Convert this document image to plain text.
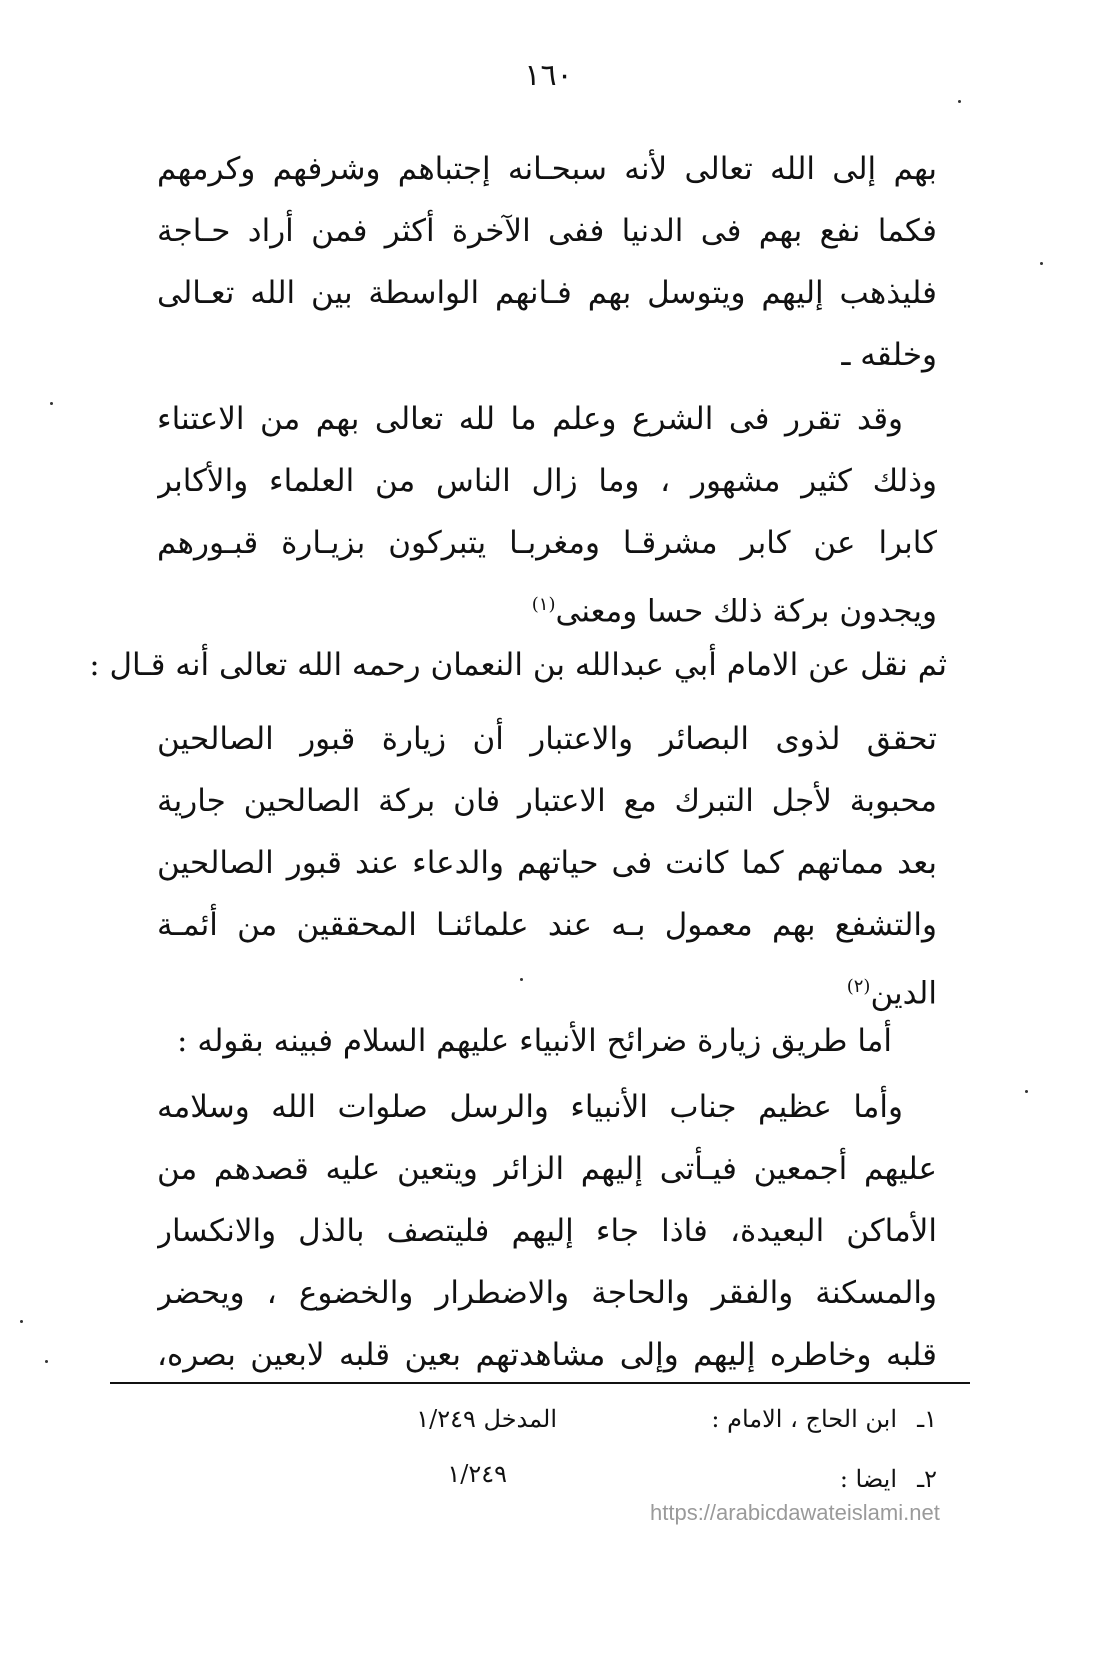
١٦٠
بهم إلى الله تعالى لأنه سبحـانه إجتباهم وشرفهم وكرمهم
فكما نفع بهم فى الدنيا ففى الآخرة أكثر فمن أراد حـاجة
فليذهب إليهم ويتوسل بهم فـانهم الواسطة بين الله تعـالى
وخلقه ـ
وقد تقرر فى الشرع وعلم ما لله تعالى بهم من الاعتناء
وذلك كثير مشهور ، وما زال الناس من العلماء والأكابر
كابرا عن كابر مشرقـا ومغربـا يتبركون بزيـارة قبـورهم
ويجدون بركة ذلك حسا ومعنى$^{(١)}$
ثم نقل عن الامام أبي عبدالله بن النعمان رحمه الله تعالى أنه قـال :
تحقق لذوى البصائر والاعتبار أن زيارة قبور الصالحين
محبوبة لأجل التبرك مع الاعتبار فان بركة الصالحين جارية
بعد مماتهم كما كانت فى حياتهم والدعاء عند قبور الصالحين
والتشفع بهم معمول بـه عند علمائنـا المحققين من أئمـة
الدين$^{(٢)}$
أما طريق زيارة ضرائح الأنبياء عليهم السلام فبينه بقوله :
وأما عظيم جناب الأنبياء والرسل صلوات الله وسلامه
عليهم أجمعين فيـأتى إليهم الزائر ويتعين عليه قصدهم من
الأماكن البعيدة، فاذا جاء إليهم فليتصف بالذل والانكسار
والمسكنة والفقر والحاجة والاضطرار والخضوع ، ويحضر
قلبه وخاطره إليهم وإلى مشاهدتهم بعين قلبه لابعين بصره،
١ـ
ابن الحاج ، الامام :
المدخل ١/٢٤٩
٢ـ
ايضا :
١/٢٤٩
https://arabicdawateislami.net
